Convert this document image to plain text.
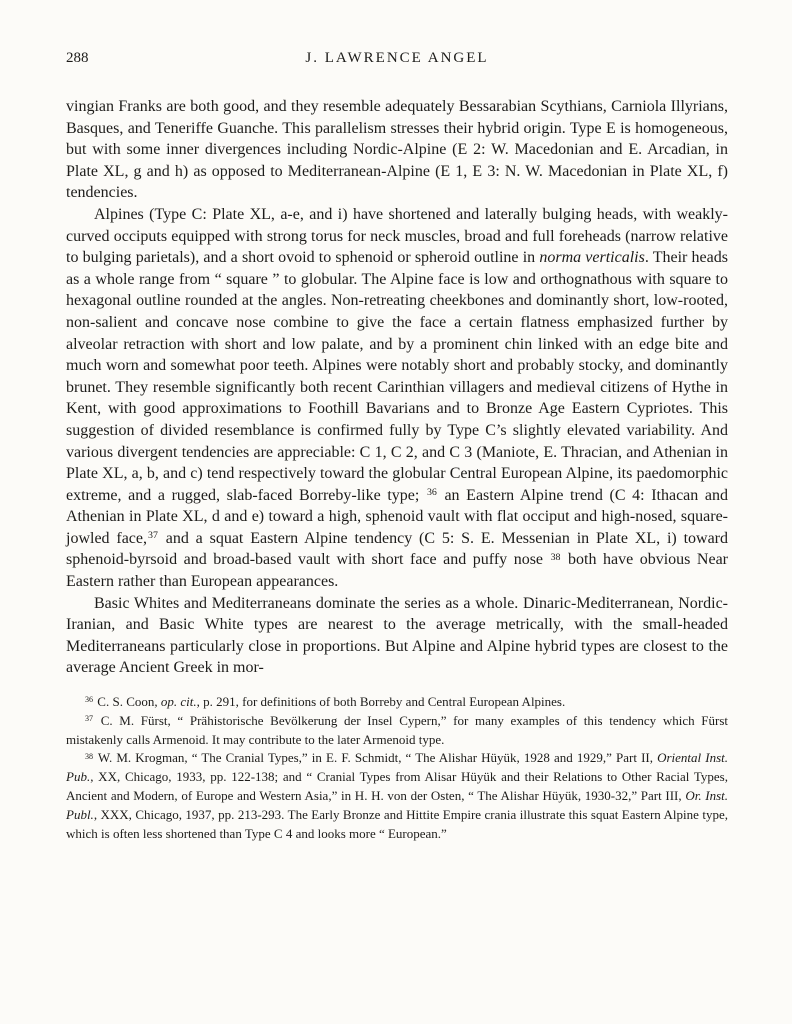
288	J. LAWRENCE ANGEL

vingian Franks are both good, and they resemble adequately Bessarabian Scythians, Carniola Illyrians, Basques, and Teneriffe Guanche. This parallelism stresses their hybrid origin. Type E is homogeneous, but with some inner divergences including Nordic-Alpine (E 2: W. Macedonian and E. Arcadian, in Plate XL, g and h) as opposed to Mediterranean-Alpine (E 1, E 3: N. W. Macedonian in Plate XL, f) tendencies.

Alpines (Type C: Plate XL, a-e, and i) have shortened and laterally bulging heads, with weakly-curved occiputs equipped with strong torus for neck muscles, broad and full foreheads (narrow relative to bulging parietals), and a short ovoid to sphenoid or spheroid outline in norma verticalis. Their heads as a whole range from “ square ” to globular. The Alpine face is low and orthognathous with square to hexagonal outline rounded at the angles. Non-retreating cheekbones and dominantly short, low-rooted, non-salient and concave nose combine to give the face a certain flatness emphasized further by alveolar retraction with short and low palate, and by a prominent chin linked with an edge bite and much worn and somewhat poor teeth. Alpines were notably short and probably stocky, and dominantly brunet. They resemble significantly both recent Carinthian villagers and medieval citizens of Hythe in Kent, with good approximations to Foothill Bavarians and to Bronze Age Eastern Cypriotes. This suggestion of divided resemblance is confirmed fully by Type C’s slightly elevated variability. And various divergent tendencies are appreciable: C 1, C 2, and C 3 (Maniote, E. Thracian, and Athenian in Plate XL, a, b, and c) tend respectively toward the globular Central European Alpine, its paedomorphic extreme, and a rugged, slab-faced Borreby-like type; $^{36}$ an Eastern Alpine trend (C 4: Ithacan and Athenian in Plate XL, d and e) toward a high, sphenoid vault with flat occiput and high-nosed, square-jowled face,$^{37}$ and a squat Eastern Alpine tendency (C 5: S. E. Messenian in Plate XL, i) toward sphenoid-byrsoid and broad-based vault with short face and puffy nose $^{38}$ both have obvious Near Eastern rather than European appearances.

Basic Whites and Mediterraneans dominate the series as a whole. Dinaric-Mediterranean, Nordic-Iranian, and Basic White types are nearest to the average metrically, with the small-headed Mediterraneans particularly close in proportions. But Alpine and Alpine hybrid types are closest to the average Ancient Greek in mor-

$^{36}$ C. S. Coon, op. cit., p. 291, for definitions of both Borreby and Central European Alpines.

$^{37}$ C. M. Fürst, “ Prähistorische Bevölkerung der Insel Cypern,” for many examples of this tendency which Fürst mistakenly calls Armenoid. It may contribute to the later Armenoid type.

$^{38}$ W. M. Krogman, “ The Cranial Types,” in E. F. Schmidt, “ The Alishar Hüyük, 1928 and 1929,” Part II, Oriental Inst. Pub., XX, Chicago, 1933, pp. 122-138; and “ Cranial Types from Alisar Hüyük and their Relations to Other Racial Types, Ancient and Modern, of Europe and Western Asia,” in H. H. von der Osten, “ The Alishar Hüyük, 1930-32,” Part III, Or. Inst. Publ., XXX, Chicago, 1937, pp. 213-293. The Early Bronze and Hittite Empire crania illustrate this squat Eastern Alpine type, which is often less shortened than Type C 4 and looks more “ European.”
